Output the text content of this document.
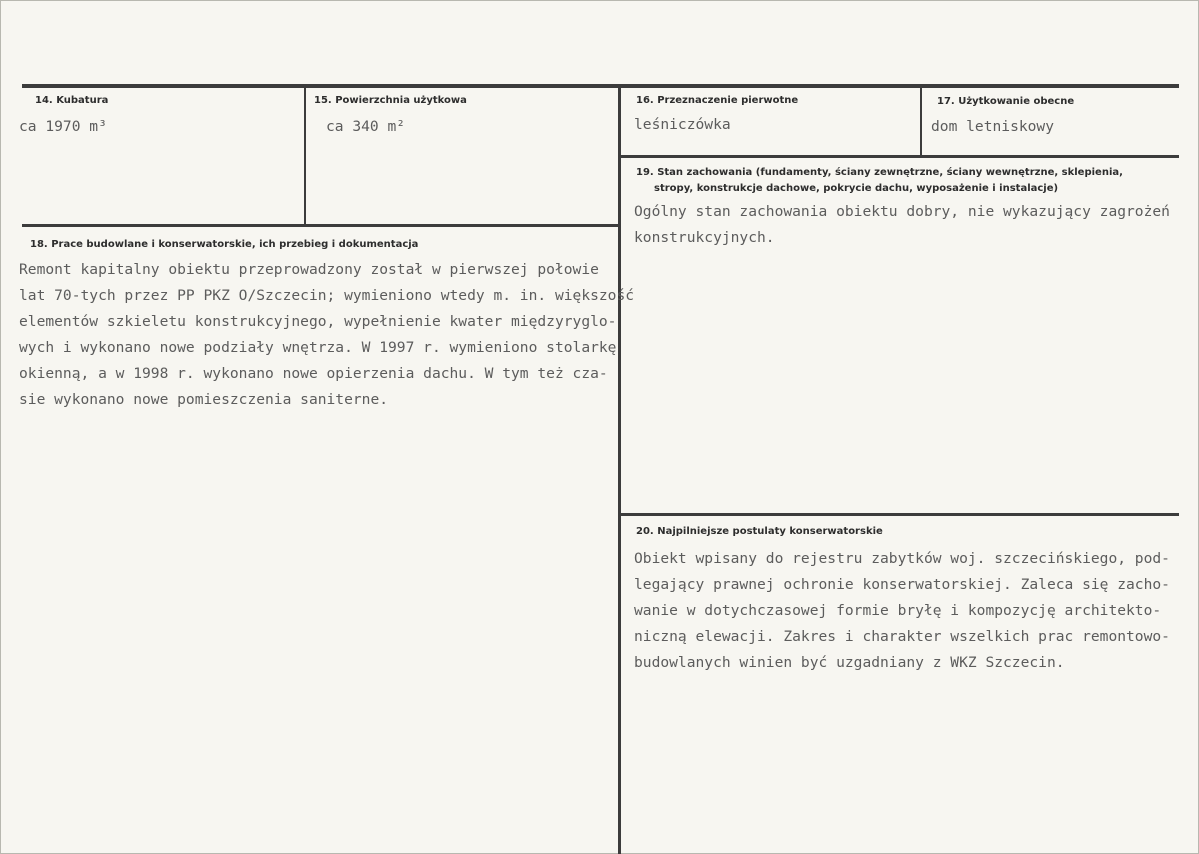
14. Kubatura
ca 1970 m³
15. Powierzchnia użytkowa
ca 340 m²
16. Przeznaczenie pierwotne
leśniczówka
17. Użytkowanie obecne
dom letniskowy
18. Prace budowlane i konserwatorskie, ich przebieg i dokumentacja
Remont kapitalny obiektu przeprowadzony został w pierwszej połowie
lat 70-tych przez PP PKZ O/Szczecin; wymieniono wtedy m. in. większość
elementów szkieletu konstrukcyjnego, wypełnienie kwater międzyryglo-
wych i wykonano nowe podziały wnętrza. W 1997 r. wymieniono stolarkę
okienną, a w 1998 r. wykonano nowe opierzenia dachu. W tym też cza-
sie wykonano nowe pomieszczenia saniterne.
19. Stan zachowania (fundamenty, ściany zewnętrzne, ściany wewnętrzne, sklepienia,
stropy, konstrukcje dachowe, pokrycie dachu, wyposażenie i instalacje)
Ogólny stan zachowania obiektu dobry, nie wykazujący zagrożeń
konstrukcyjnych.
20. Najpilniejsze postulaty konserwatorskie
Obiekt wpisany do rejestru zabytków woj. szczecińskiego, pod-
legający prawnej ochronie konserwatorskiej. Zaleca się zacho-
wanie w dotychczasowej formie bryłę i kompozycję architekto-
niczną elewacji. Zakres i charakter wszelkich prac remontowo-
budowlanych winien być uzgadniany z WKZ Szczecin.
